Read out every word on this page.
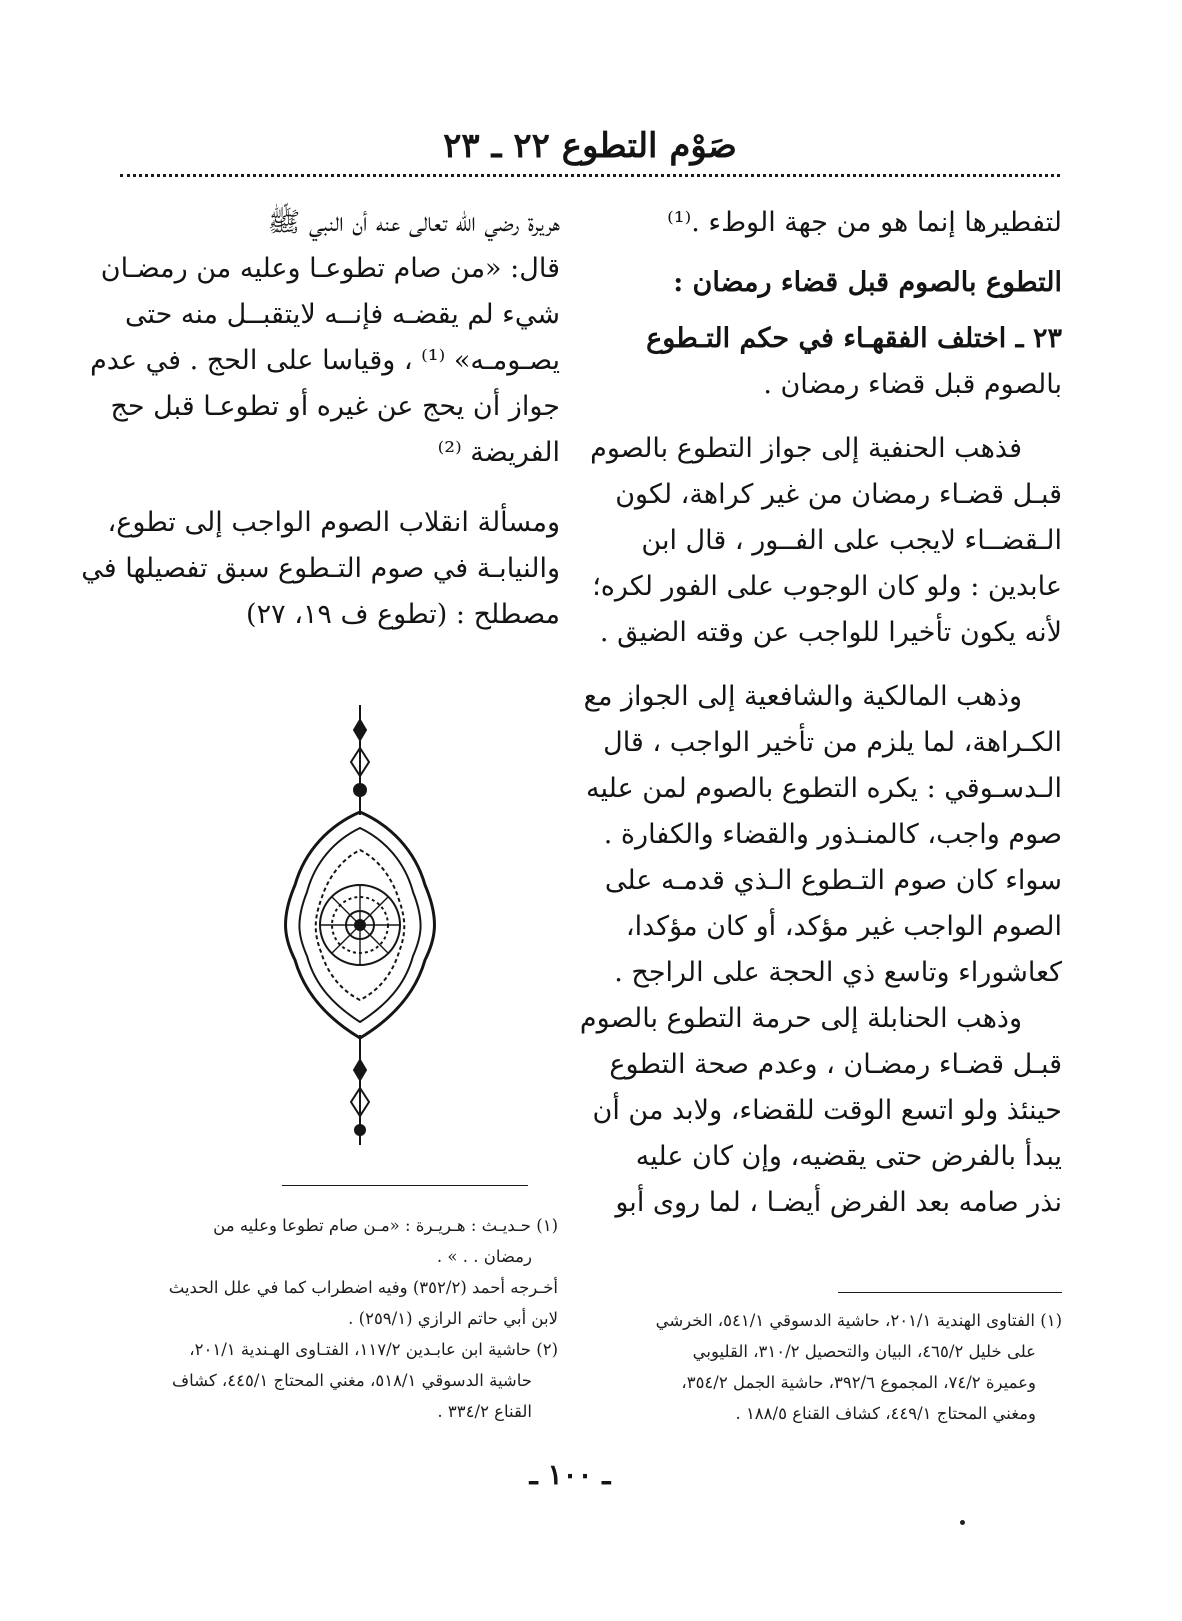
صَوْم التطوع ٢٢ ـ ٢٣
لتفطيرها إنما هو من جهة الوطء .⁽¹⁾
التطوع بالصوم قبل قضاء رمضان :
٢٣ ـ اختلف الفقهـاء في حكم التـطوع
بالصوم قبل قضاء رمضان .
فذهب الحنفية إلى جواز التطوع بالصوم
قبـل قضـاء رمضان من غير كراهة، لكون
الـقضــاء لايجب على الفــور ، قال ابن
عابدين : ولو كان الوجوب على الفور لكره؛
لأنه يكون تأخيرا للواجب عن وقته الضيق .
وذهب المالكية والشافعية إلى الجواز مع
الكـراهة، لما يلزم من تأخير الواجب ، قال
الـدسـوقي : يكره التطوع بالصوم لمن عليه
صوم واجب، كالمنـذور والقضاء والكفارة .
سواء كان صوم التـطوع الـذي قدمـه على
الصوم الواجب غير مؤكد، أو كان مؤكدا،
كعاشوراء وتاسع ذي الحجة على الراجح .
وذهب الحنابلة إلى حرمة التطوع بالصوم
قبـل قضـاء رمضـان ، وعدم صحة التطوع
حينئذ ولو اتسع الوقت للقضاء، ولابد من أن
يبدأ بالفرض حتى يقضيه، وإن كان عليه
نذر صامه بعد الفرض أيضـا ، لما روى أبو
هريرة رضي الله تعالى عنه أن النبي ﷺ
قال: «من صام تطوعـا وعليه من رمضـان
شيء لم يقضـه فإنــه لايتقبــل منه حتى
يصـومـه» ⁽¹⁾ ، وقياسا على الحج . في عدم
جواز أن يحج عن غيره أو تطوعـا قبل حج
الفريضة ⁽²⁾
ومسألة انقلاب الصوم الواجب إلى تطوع،
والنيابـة في صوم التـطوع سبق تفصيلها في
مصطلح : (تطوع ف ١٩، ٢٧)
(١) حـديـث : هـريـرة : «مـن صام تطوعا وعليه من
رمضان . . » .
أخـرجه أحمد (٣٥٢/٢) وفيه اضطراب كما في علل الحديث
لابن أبي حاتم الرازي (٢٥٩/١) .
(٢) حاشية ابن عابـدين ١١٧/٢، الفتـاوى الهـندية ٢٠١/١،
حاشية الدسوقي ٥١٨/١، مغني المحتاج ٤٤٥/١، كشاف
القناع ٣٣٤/٢ .
(١) الفتاوى الهندية ٢٠١/١، حاشية الدسوقي ٥٤١/١، الخرشي
على خليل ٤٦٥/٢، البيان والتحصيل ٣١٠/٢، القليوبي
وعميرة ٧٤/٢، المجموع ٣٩٢/٦، حاشية الجمل ٣٥٤/٢،
ومغني المحتاج ٤٤٩/١، كشاف القناع ١٨٨/٥ .
ـ ١٠٠ ـ
